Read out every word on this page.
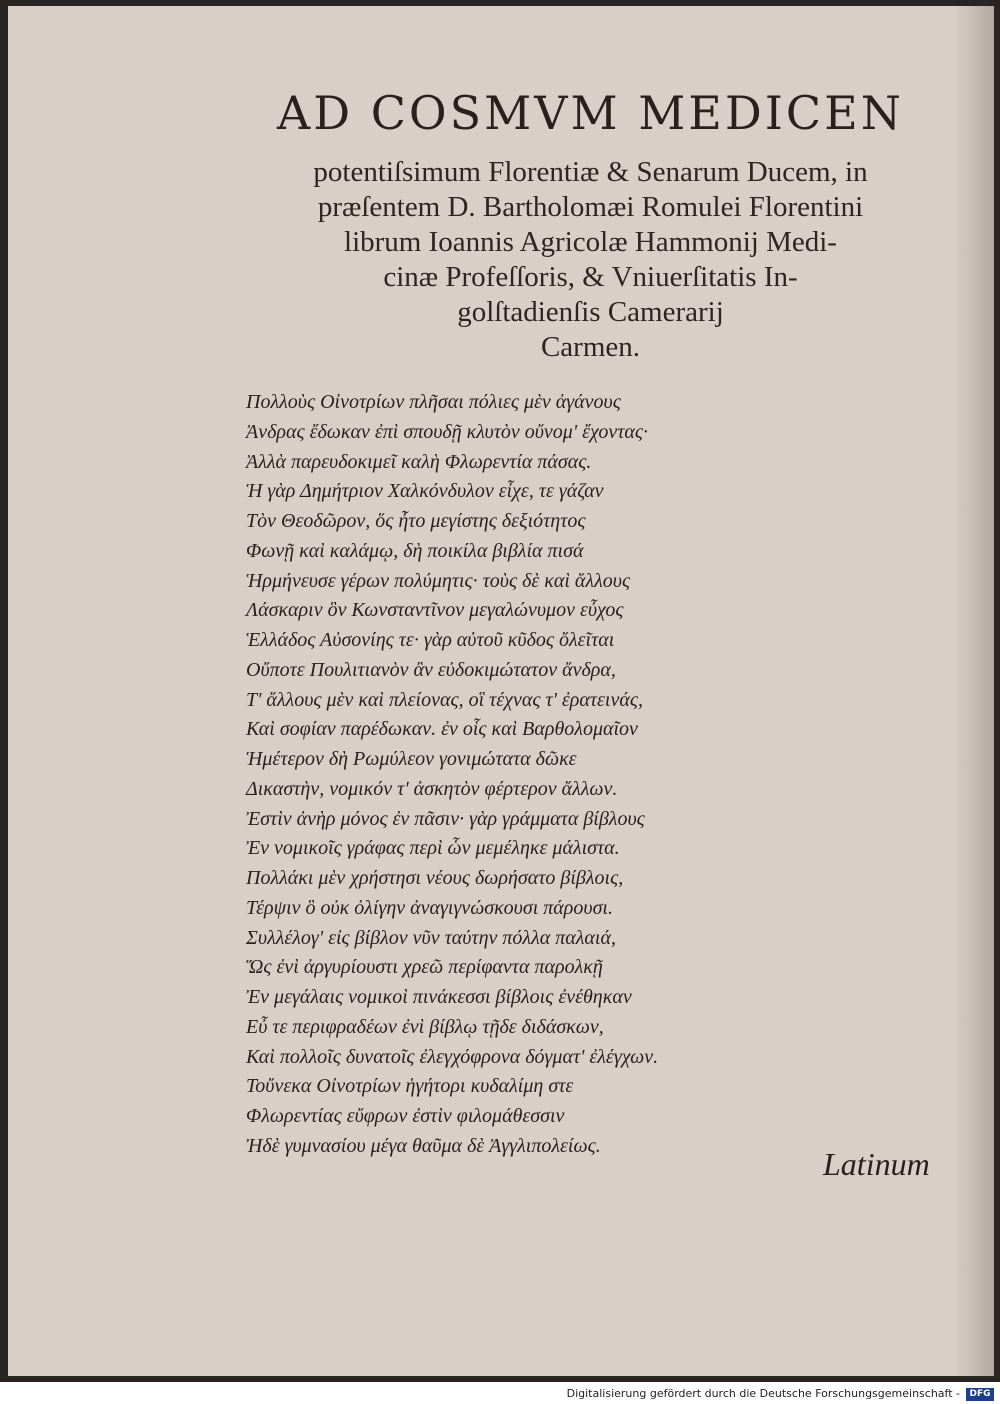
AD COSMVM MEDICEN
potentiſsimum Florentiæ & Senarum Ducem, in
præſentem D. Bartholomæi Romulei Florentini
librum Ioannis Agricolæ Hammonij Medi-
cinæ Profeſſoris, & Vniuerſitatis In-
golſtadienſis Camerarij
Carmen.
Πολλοὺς Οἰνοτρίων πλῆσαι πόλιες μὲν ἀγάνους
Ἀνδρας ἔδωκαν ἐπὶ σπουδῇ κλυτὸν οὔνομ' ἔχοντας·
Ἀλλὰ παρευδοκιμεῖ καλὴ Φλωρεντία πάσας.
Ἡ γὰρ Δημήτριον Χαλκόνδυλον εἶχε, τε γάζαν
Τὸν Θεοδῶρον, ὅς ἦτο μεγίστης δεξιότητος
Φωνῇ καὶ καλάμῳ, δὴ ποικίλα βιβλία πισά
Ἡρμήνευσε γέρων πολύμητις· τοὺς δὲ καὶ ἄλλους
Λάσκαριν ὃν Κωνσταντῖνον μεγαλώνυμον εὖχος
Ἑλλάδος Αὐσονίης τε· γὰρ αὐτοῦ κῦδος ὄλεῖται
Οὔποτε Πουλιτιανὸν ἂν εὐδοκιμώτατον ἄνδρα,
Τ' ἄλλους μὲν καὶ πλείονας, οἳ τέχνας τ' ἐρατεινάς,
Καὶ σοφίαν παρέδωκαν. ἐν οἷς καὶ Βαρθολομαῖον
Ἡμέτερον δὴ Ρωμύλεον γονιμώτατα δῶκε
Δικαστὴν, νομικόν τ' ἀσκητὸν φέρτερον ἄλλων.
Ἐστὶν ἀνὴρ μόνος ἐν πᾶσιν· γὰρ γράμματα βίβλους
Ἐν νομικοῖς γράφας περὶ ὧν μεμέληκε μάλιστα.
Πολλάκι μὲν χρήστησι νέους δωρήσατο βίβλοις,
Τέρψιν ὃ οὐκ ὀλίγην ἀναγιγνώσκουσι πάρουσι.
Συλλέλογ' εἰς βίβλον νῦν ταύτην πόλλα παλαιά,
Ὥς ἐνὶ ἀργυρίουστι χρεῶ περίφαντα παρολκῇ
Ἐν μεγάλαις νομικοὶ πινάκεσσι βίβλοις ἐνέθηκαν
Εὖ τε περιφραδέων ἐνὶ βίβλῳ τῇδε διδάσκων,
Καὶ πολλοῖς δυνατοῖς ἐλεγχόφρονα δόγματ' ἐλέγχων.
Τοὔνεκα Οἰνοτρίων ἡγήτορι κυδαλίμη στε
Φλωρεντίας εὔφρων ἐστὶν φιλομάθεσσιν
Ἠδὲ γυμνασίου μέγα θαῦμα δὲ Ἀγγλιπολείως.
Latinum
Digitalisierung gefördert durch die Deutsche Forschungsgemeinschaft -	DFG
